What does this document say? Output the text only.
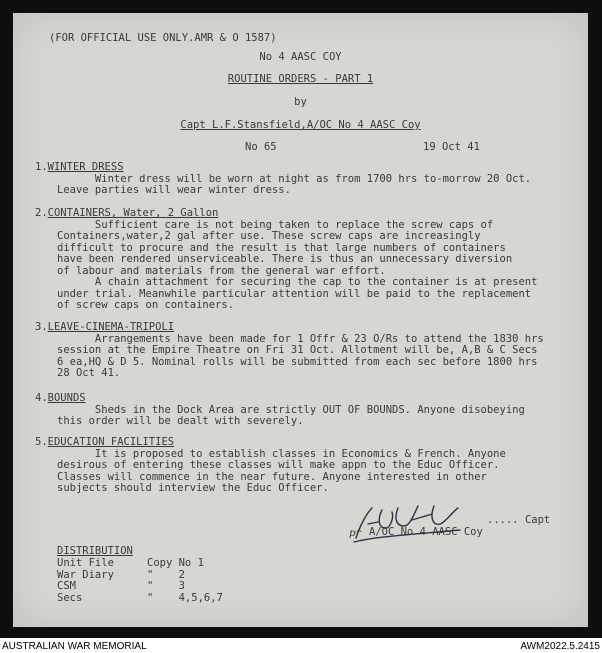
(FOR OFFICIAL USE ONLY.AMR & O 1587)
No 4 AASC COY
ROUTINE ORDERS - PART 1
by
Capt L.F.Stansfield,A/OC No 4 AASC Coy
No 65	19 Oct 41
1.WINTER DRESS
Winter dress will be worn at night as from 1700 hrs to-morrow 20 Oct.
Leave parties will wear winter dress.
2.CONTAINERS, Water, 2 Gallon
Sufficient care is not being taken to replace the screw caps of
Containers,water,2 gal after use. These screw caps are increasingly
difficult to procure and the result is that large numbers of containers
have been rendered unserviceable. There is thus an unnecessary diversion
of labour and materials from the general war effort.
A chain attachment for securing the cap to the container is at present
under trial. Meanwhile particular attention will be paid to the replacement
of screw caps on containers.
3.LEAVE-CINEMA-TRIPOLI
Arrangements have been made for 1 Offr & 23 O/Rs to attend the 1830 hrs
session at the Empire Theatre on Fri 31 Oct. Allotment will be, A,B & C Secs
6 ea,HQ & D 5. Nominal rolls will be submitted from each sec before 1800 hrs
28 Oct 41.
4.BOUNDS
Sheds in the Dock Area are strictly OUT OF BOUNDS. Anyone disobeying
this order will be dealt with severely.
5.EDUCATION FACILITIES
It is proposed to establish classes in Economics & French. Anyone
desirous of entering these classes will make appn to the Educ Officer.
Classes will commence in the near future. Anyone interested in other
subjects should interview the Educ Officer.
..... Capt
pr A/OC No 4 AASC Coy
DISTRIBUTION
Unit File	Copy No 1
War Diary	"    2
CSM	"    3
Secs	"    4,5,6,7
AUSTRALIAN WAR MEMORIAL	AWM2022.5.2415
